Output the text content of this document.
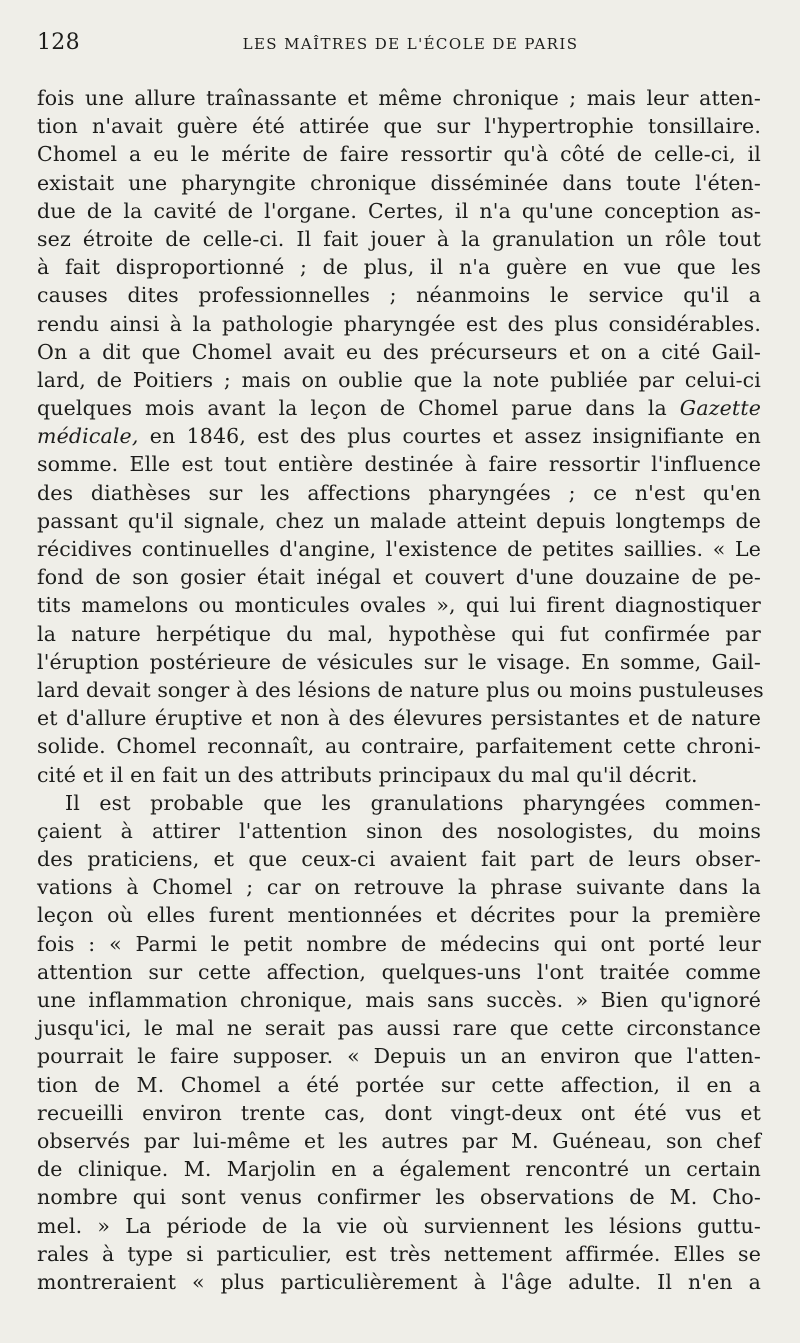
128	LES MAÎTRES DE L'ÉCOLE DE PARIS
fois une allure traînassante et même chronique ; mais leur atten-
tion n'avait guère été attirée que sur l'hypertrophie tonsillaire.
Chomel a eu le mérite de faire ressortir qu'à côté de celle-ci, il
existait une pharyngite chronique disséminée dans toute l'éten-
due de la cavité de l'organe. Certes, il n'a qu'une conception as-
sez étroite de celle-ci. Il fait jouer à la granulation un rôle tout
à fait disproportionné ; de plus, il n'a guère en vue que les
causes dites professionnelles ; néanmoins le service qu'il a
rendu ainsi à la pathologie pharyngée est des plus considérables.
On a dit que Chomel avait eu des précurseurs et on a cité Gail-
lard, de Poitiers ; mais on oublie que la note publiée par celui-ci
quelques mois avant la leçon de Chomel parue dans la Gazette
médicale, en 1846, est des plus courtes et assez insignifiante en
somme. Elle est tout entière destinée à faire ressortir l'influence
des diathèses sur les affections pharyngées ; ce n'est qu'en
passant qu'il signale, chez un malade atteint depuis longtemps de
récidives continuelles d'angine, l'existence de petites saillies. « Le
fond de son gosier était inégal et couvert d'une douzaine de pe-
tits mamelons ou monticules ovales », qui lui firent diagnostiquer
la nature herpétique du mal, hypothèse qui fut confirmée par
l'éruption postérieure de vésicules sur le visage. En somme, Gail-
lard devait songer à des lésions de nature plus ou moins pustuleuses
et d'allure éruptive et non à des élevures persistantes et de nature
solide. Chomel reconnaît, au contraire, parfaitement cette chroni-
cité et il en fait un des attributs principaux du mal qu'il décrit.
Il est probable que les granulations pharyngées commen-
çaient à attirer l'attention sinon des nosologistes, du moins
des praticiens, et que ceux-ci avaient fait part de leurs obser-
vations à Chomel ; car on retrouve la phrase suivante dans la
leçon où elles furent mentionnées et décrites pour la première
fois : « Parmi le petit nombre de médecins qui ont porté leur
attention sur cette affection, quelques-uns l'ont traitée comme
une inflammation chronique, mais sans succès. » Bien qu'ignoré
jusqu'ici, le mal ne serait pas aussi rare que cette circonstance
pourrait le faire supposer. « Depuis un an environ que l'atten-
tion de M. Chomel a été portée sur cette affection, il en a
recueilli environ trente cas, dont vingt-deux ont été vus et
observés par lui-même et les autres par M. Guéneau, son chef
de clinique. M. Marjolin en a également rencontré un certain
nombre qui sont venus confirmer les observations de M. Cho-
mel. » La période de la vie où surviennent les lésions guttu-
rales à type si particulier, est très nettement affirmée. Elles se
montreraient « plus particulièrement à l'âge adulte. Il n'en a
